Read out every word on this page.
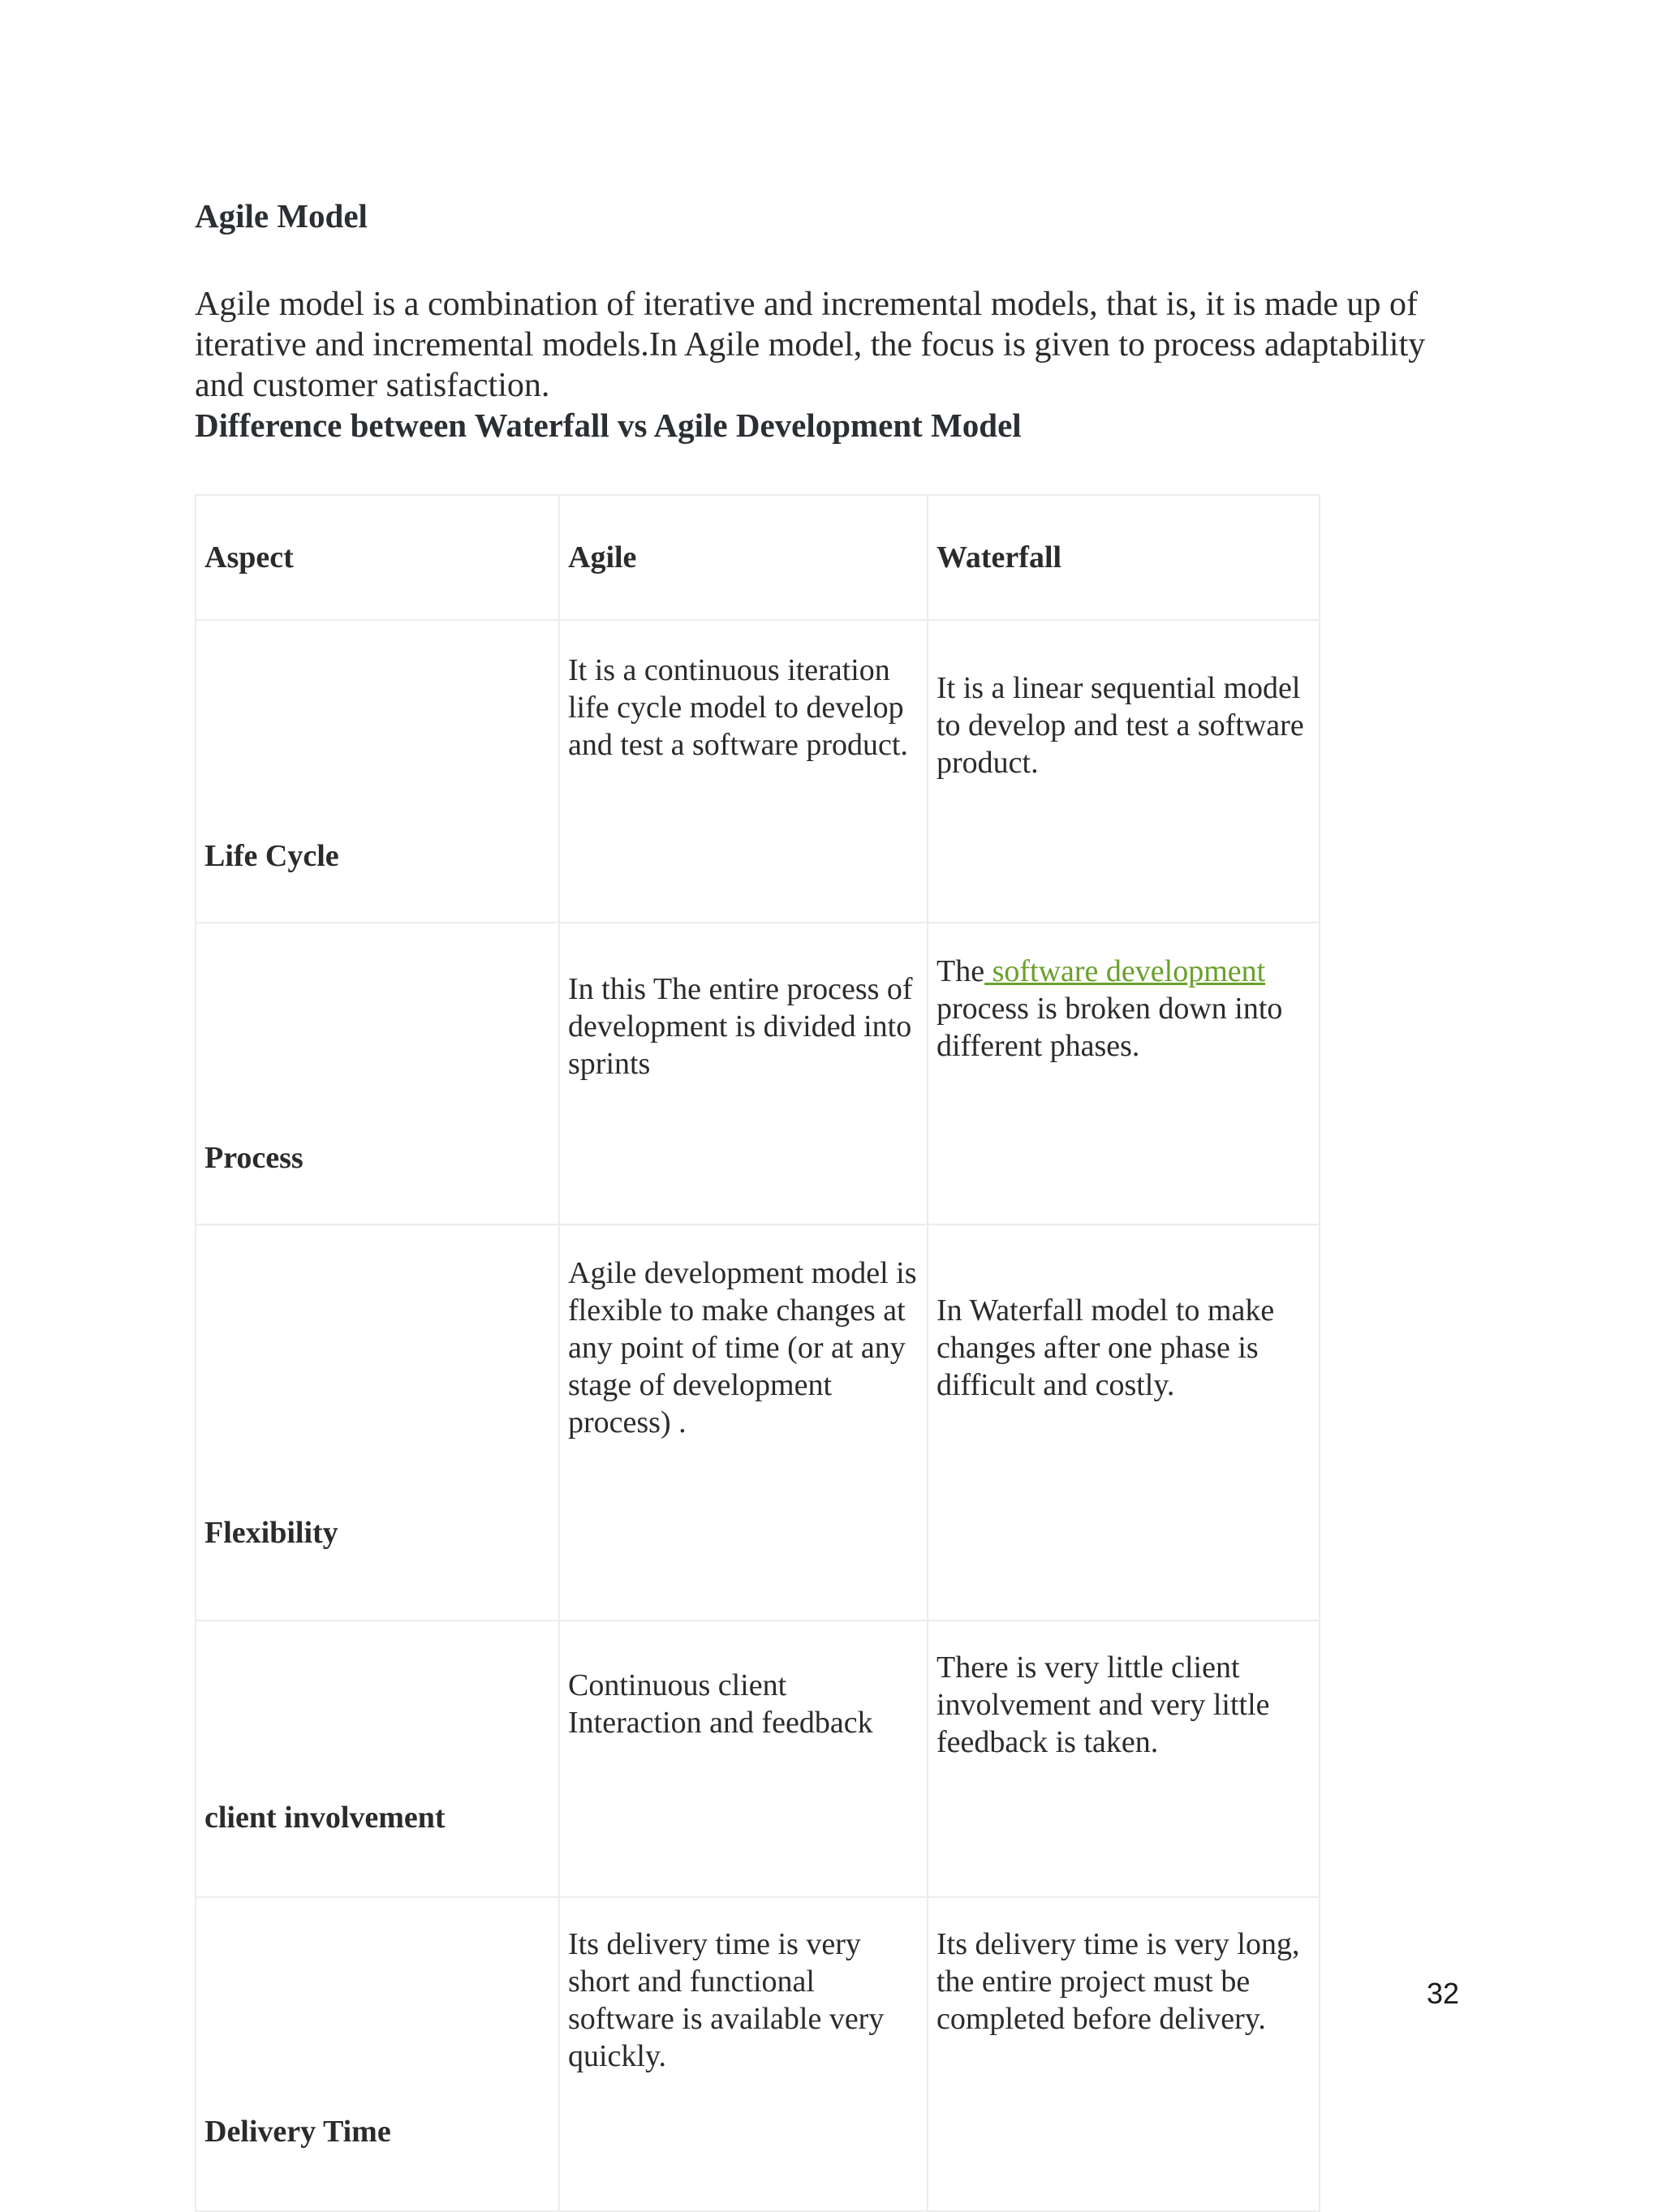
Agile Model
Agile model is a combination of iterative and incremental models, that is, it is made up of iterative and incremental models.In Agile model, the focus is given to process adaptability and customer satisfaction.
Difference between Waterfall vs Agile Development Model
Aspect	Agile	Waterfall

Life Cycle	It is a continuous iteration life cycle model to develop and test a software product.	It is a linear sequential model to develop and test a software product.

Process	In this The entire process of development is divided into sprints	The software development process is broken down into different phases.

Flexibility	Agile development model is flexible to make changes at any point of time (or at any stage of development process) .	In Waterfall model to make changes after one phase is difficult and costly.

client involvement	Continuous client Interaction and feedback	There is very little client involvement and very little feedback is taken.

Delivery Time	Its delivery time is very short and functional software is available very quickly.	Its delivery time is very long, the entire project must be completed before delivery.
32
